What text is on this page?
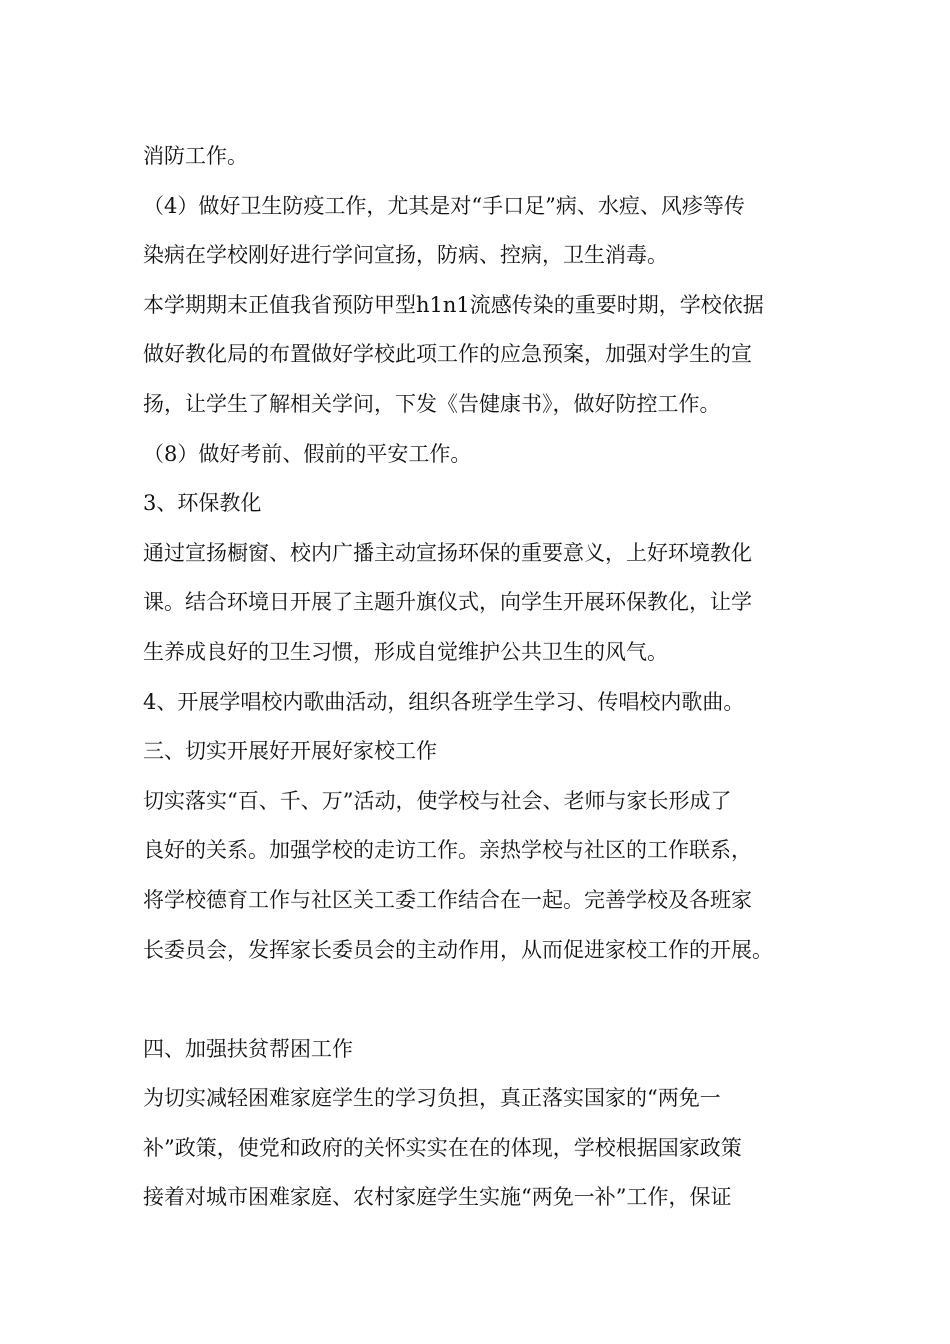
消防工作。
（4）做好卫生防疫工作，尤其是对“手口足”病、水痘、风疹等传
染病在学校刚好进行学问宣扬，防病、控病，卫生消毒。
本学期期末正值我省预防甲型h1n1流感传染的重要时期，学校依据
做好教化局的布置做好学校此项工作的应急预案，加强对学生的宣
扬，让学生了解相关学问，下发《告健康书》，做好防控工作。
（8）做好考前、假前的平安工作。
3、环保教化
通过宣扬橱窗、校内广播主动宣扬环保的重要意义，上好环境教化
课。结合环境日开展了主题升旗仪式，向学生开展环保教化，让学
生养成良好的卫生习惯，形成自觉维护公共卫生的风气。
4、开展学唱校内歌曲活动，组织各班学生学习、传唱校内歌曲。
三、切实开展好开展好家校工作
切实落实“百、千、万”活动，使学校与社会、老师与家长形成了
良好的关系。加强学校的走访工作。亲热学校与社区的工作联系，
将学校德育工作与社区关工委工作结合在一起。完善学校及各班家
长委员会，发挥家长委员会的主动作用，从而促进家校工作的开展。
四、加强扶贫帮困工作
为切实减轻困难家庭学生的学习负担，真正落实国家的“两免一
补”政策，使党和政府的关怀实实在在的体现，学校根据国家政策
接着对城市困难家庭、农村家庭学生实施“两免一补”工作，保证
